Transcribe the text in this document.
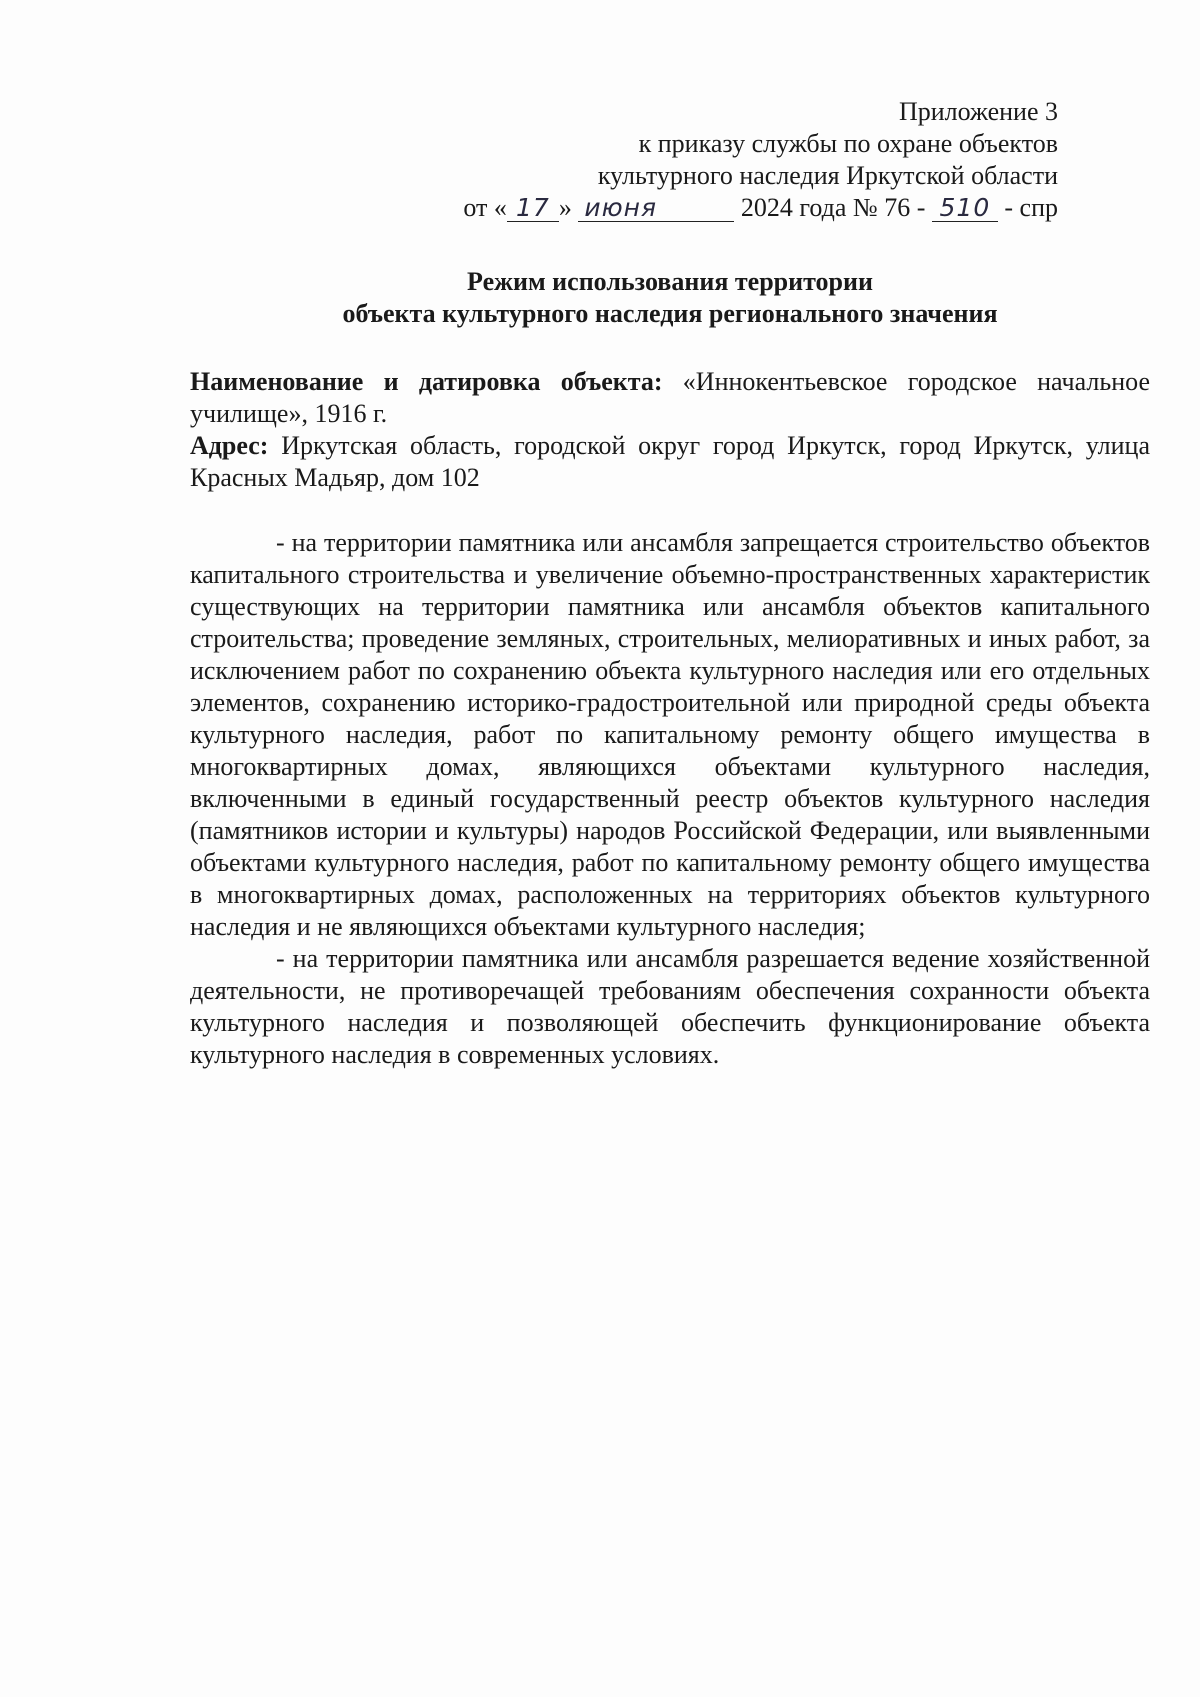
Приложение 3
к приказу службы по охране объектов
культурного наследия Иркутской области
от « 17 » июня	2024 года № 76 - 510 - спр
Режим использования территории
объекта культурного наследия регионального значения
Наименование и датировка объекта: «Иннокентьевское городское начальное училище», 1916 г.
Адрес: Иркутская область, городской округ город Иркутск, город Иркутск, улица Красных Мадьяр, дом 102

- на территории памятника или ансамбля запрещается строительство объектов капитального строительства и увеличение объемно-пространственных характеристик существующих на территории памятника или ансамбля объектов капитального строительства; проведение земляных, строительных, мелиоративных и иных работ, за исключением работ по сохранению объекта культурного наследия или его отдельных элементов, сохранению историко-градостроительной или природной среды объекта культурного наследия, работ по капитальному ремонту общего имущества в многоквартирных домах, являющихся объектами культурного наследия, включенными в единый государственный реестр объектов культурного наследия (памятников истории и культуры) народов Российской Федерации, или выявленными объектами культурного наследия, работ по капитальному ремонту общего имущества в многоквартирных домах, расположенных на территориях объектов культурного наследия и не являющихся объектами культурного наследия;

- на территории памятника или ансамбля разрешается ведение хозяйственной деятельности, не противоречащей требованиям обеспечения сохранности объекта культурного наследия и позволяющей обеспечить функционирование объекта культурного наследия в современных условиях.
